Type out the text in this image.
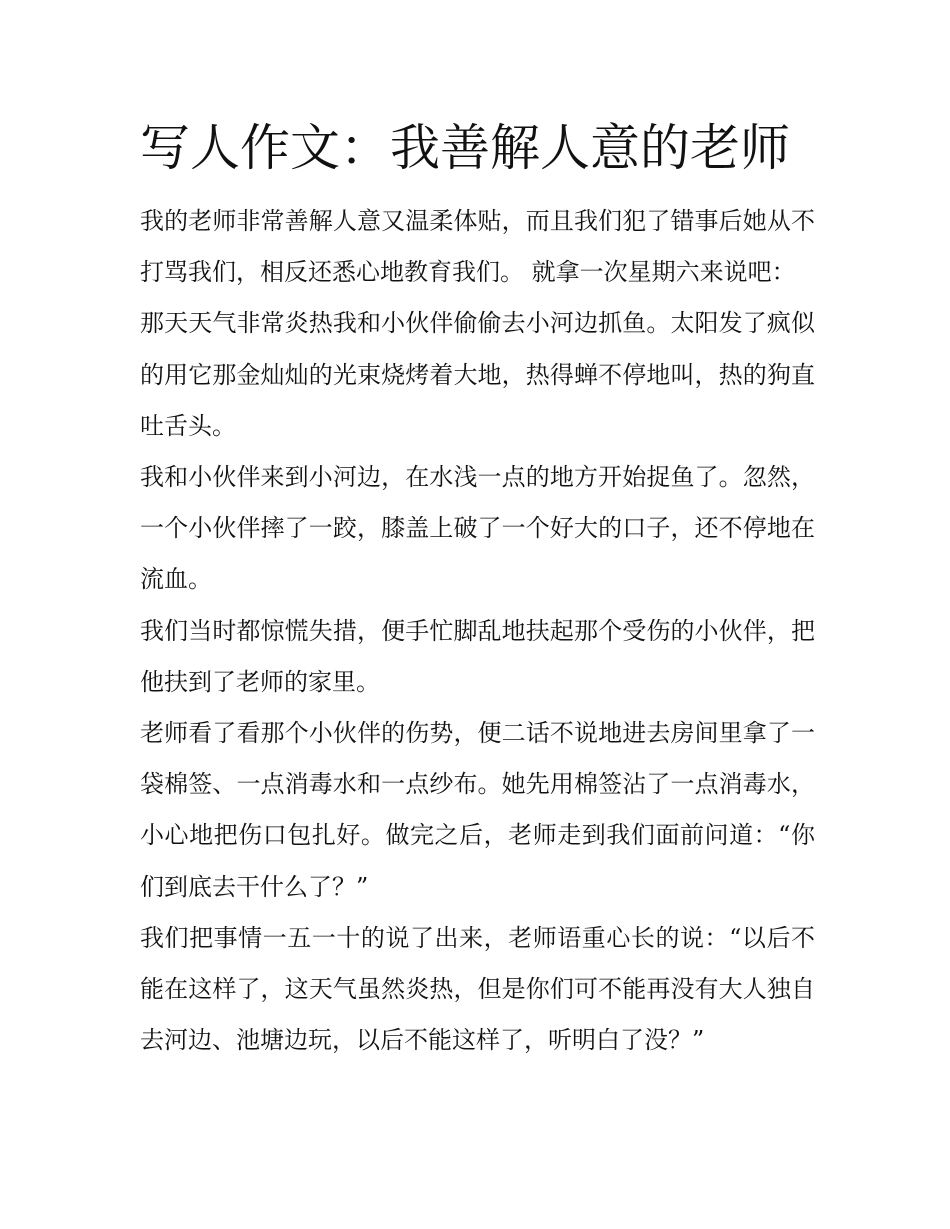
写人作文：我善解人意的老师

我的老师非常善解人意又温柔体贴，而且我们犯了错事后她从不打骂我们，相反还悉心地教育我们。 就拿一次星期六来说吧：

那天天气非常炎热我和小伙伴偷偷去小河边抓鱼。太阳发了疯似的用它那金灿灿的光束烧烤着大地，热得蝉不停地叫，热的狗直吐舌头。

我和小伙伴来到小河边，在水浅一点的地方开始捉鱼了。忽然，一个小伙伴摔了一跤，膝盖上破了一个好大的口子，还不停地在流血。

我们当时都惊慌失措，便手忙脚乱地扶起那个受伤的小伙伴，把他扶到了老师的家里。

老师看了看那个小伙伴的伤势，便二话不说地进去房间里拿了一袋棉签、一点消毒水和一点纱布。她先用棉签沾了一点消毒水，小心地把伤口包扎好。做完之后，老师走到我们面前问道：“你们到底去干什么了？”

我们把事情一五一十的说了出来，老师语重心长的说：“以后不能在这样了，这天气虽然炎热，但是你们可不能再没有大人独自去河边、池塘边玩，以后不能这样了，听明白了没？”
